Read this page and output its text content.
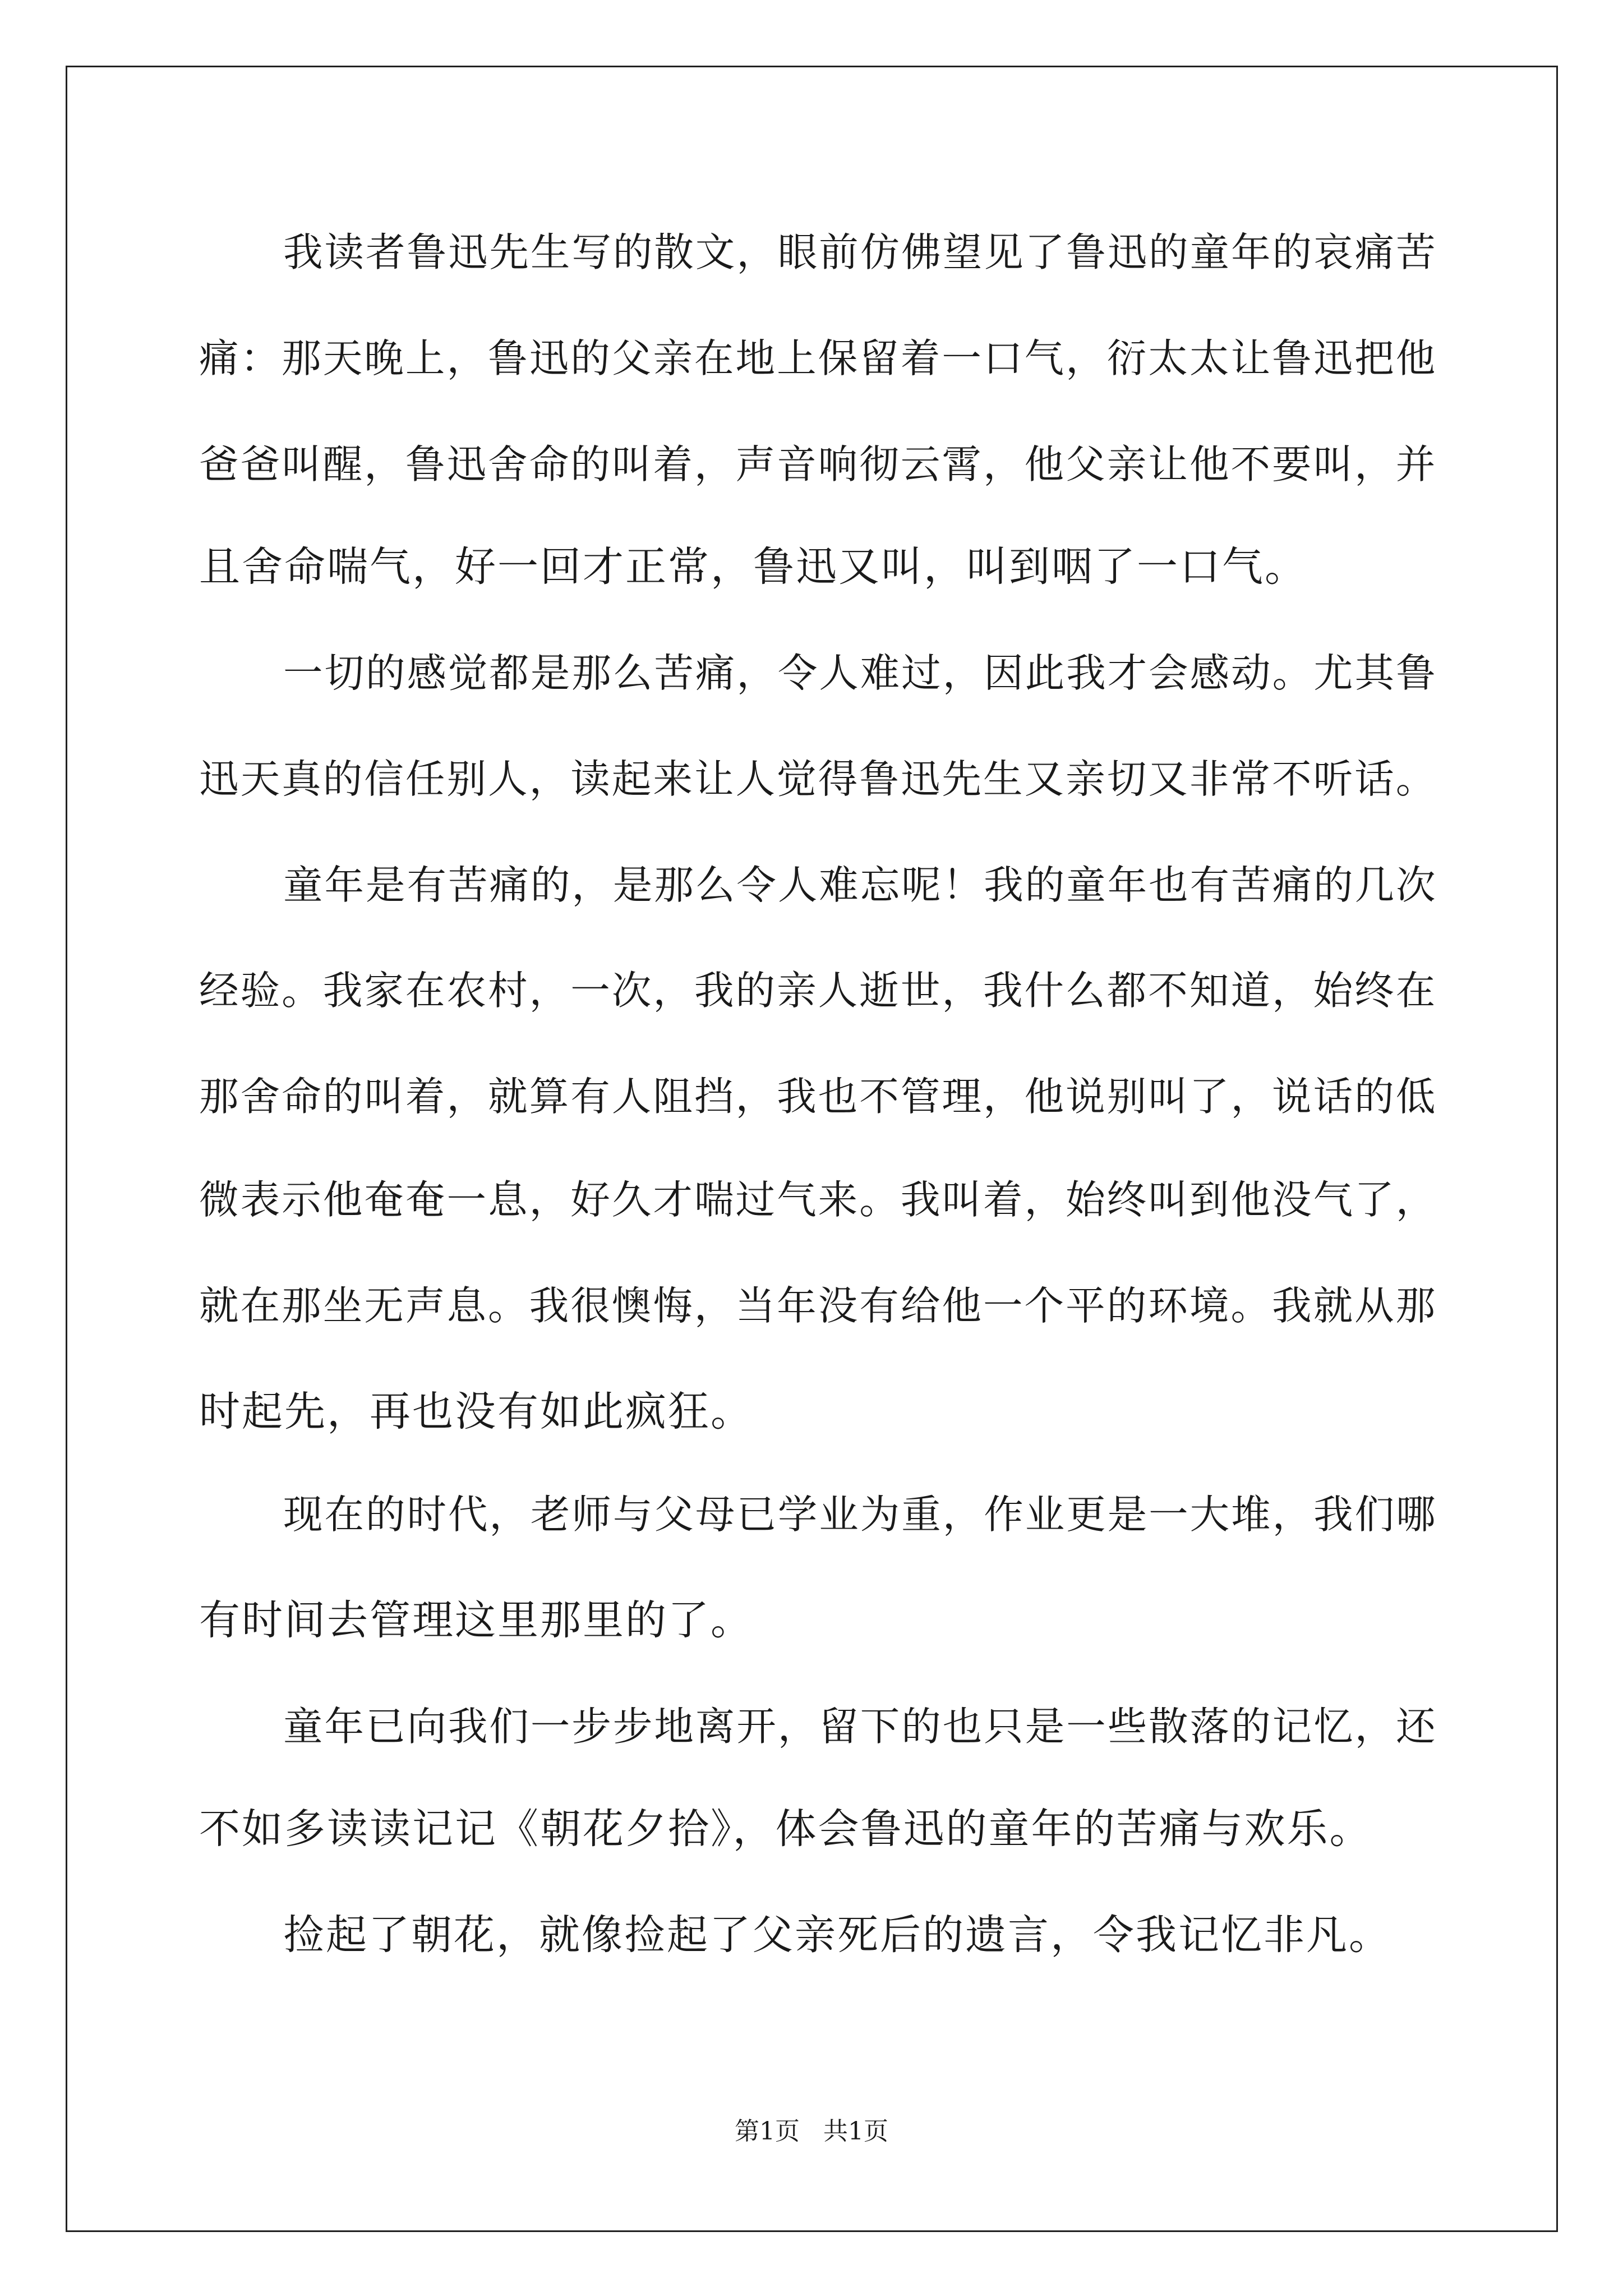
我读者鲁迅先生写的散文，眼前仿佛望见了鲁迅的童年的哀痛苦
痛：那天晚上，鲁迅的父亲在地上保留着一口气，衍太太让鲁迅把他
爸爸叫醒，鲁迅舍命的叫着，声音响彻云霄，他父亲让他不要叫，并
且舍命喘气，好一回才正常，鲁迅又叫，叫到咽了一口气。
一切的感觉都是那么苦痛，令人难过，因此我才会感动。尤其鲁
迅天真的信任别人，读起来让人觉得鲁迅先生又亲切又非常不听话。
童年是有苦痛的，是那么令人难忘呢！我的童年也有苦痛的几次
经验。我家在农村，一次，我的亲人逝世，我什么都不知道，始终在
那舍命的叫着，就算有人阻挡，我也不管理，他说别叫了，说话的低
微表示他奄奄一息，好久才喘过气来。我叫着，始终叫到他没气了，
就在那坐无声息。我很懊悔，当年没有给他一个平的环境。我就从那
时起先，再也没有如此疯狂。
现在的时代，老师与父母已学业为重，作业更是一大堆，我们哪
有时间去管理这里那里的了。
童年已向我们一步步地离开，留下的也只是一些散落的记忆，还
不如多读读记记《朝花夕拾》，体会鲁迅的童年的苦痛与欢乐。
捡起了朝花，就像捡起了父亲死后的遗言，令我记忆非凡。
第1页 共1页
